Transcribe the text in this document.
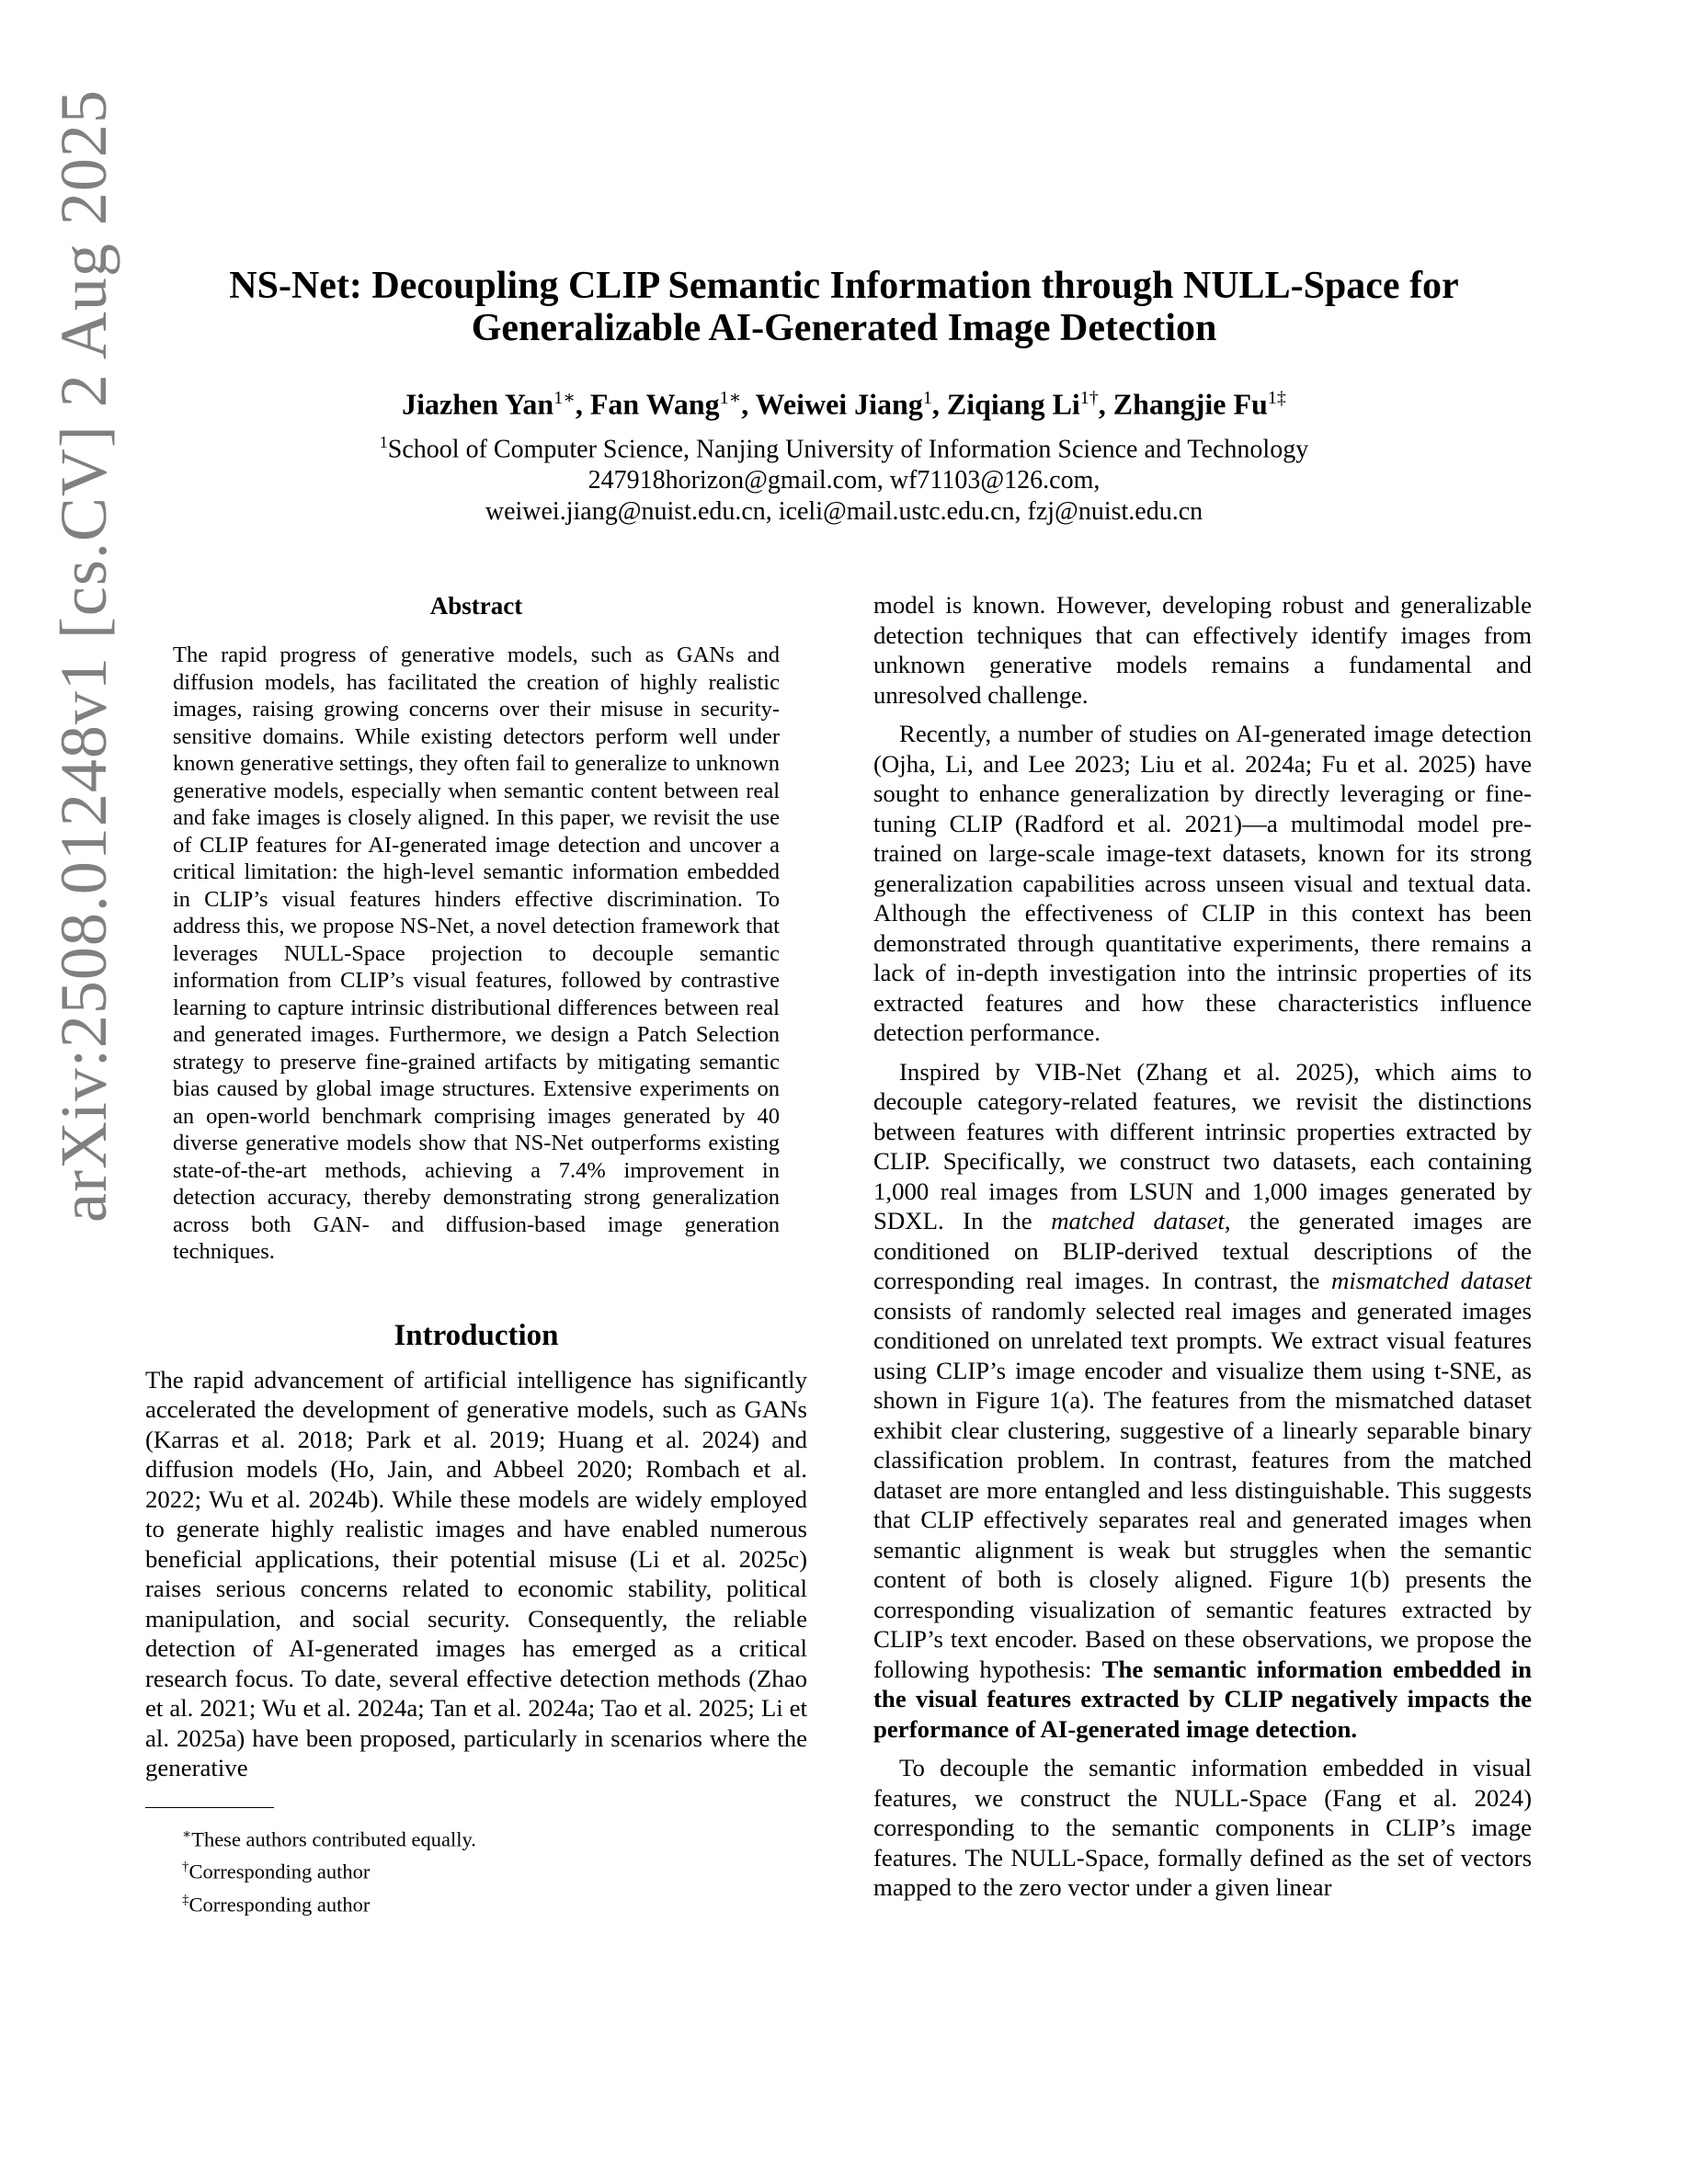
arXiv:2508.01248v1 [cs.CV] 2 Aug 2025	NS-Net: Decoupling CLIP Semantic Information through NULL-Space for
Generalizable AI-Generated Image Detection
Jiazhen Yan$^{1∗}$, Fan Wang$^{1∗}$, Weiwei Jiang$^1$, Ziqiang $Li^{1\dagger}$, Zhangjie $Fu^{1\ddagger}$
$^1$School of Computer Science, Nanjing University of Information Science and Technology
247918horizon@gmail.com, wf71103@126.com,
weiwei.jiang@nuist.edu.cn, iceli@mail.ustc.edu.cn, fzj@nuist.edu.cn
Abstract

The rapid progress of generative models, such as GANs and diffusion models, has facilitated the creation of highly realistic images, raising growing concerns over their misuse in security-sensitive domains. While existing detectors perform well under known generative settings, they often fail to generalize to unknown generative models, especially when semantic content between real and fake images is closely aligned. In this paper, we revisit the use of CLIP features for AI-generated image detection and uncover a critical limitation: the high-level semantic information embedded in CLIP’s visual features hinders effective discrimination. To address this, we propose NS-Net, a novel detection framework that leverages NULL-Space projection to decouple semantic information from CLIP’s visual features, followed by contrastive learning to capture intrinsic distributional differences between real and generated images. Furthermore, we design a Patch Selection strategy to preserve fine-grained artifacts by mitigating semantic bias caused by global image structures. Extensive experiments on an open-world benchmark comprising images generated by 40 diverse generative models show that NS-Net outperforms existing state-of-the-art methods, achieving a 7.4% improvement in detection accuracy, thereby demonstrating strong generalization across both GAN- and diffusion-based image generation techniques.

Introduction

The rapid advancement of artificial intelligence has significantly accelerated the development of generative models, such as GANs (Karras et al. 2018; Park et al. 2019; Huang et al. 2024) and diffusion models (Ho, Jain, and Abbeel 2020; Rombach et al. 2022; Wu et al. 2024b). While these models are widely employed to generate highly realistic images and have enabled numerous beneficial applications, their potential misuse (Li et al. 2025c) raises serious concerns related to economic stability, political manipulation, and social security. Consequently, the reliable detection of AI-generated images has emerged as a critical research focus. To date, several effective detection methods (Zhao et al. 2021; Wu et al. 2024a; Tan et al. 2024a; Tao et al. 2025; Li et al. 2025a) have been proposed, particularly in scenarios where the generative

∗These authors contributed equally.
†Corresponding author
‡Corresponding author

model is known. However, developing robust and generalizable detection techniques that can effectively identify images from unknown generative models remains a fundamental and unresolved challenge.

Recently, a number of studies on AI-generated image detection (Ojha, Li, and Lee 2023; Liu et al. 2024a; Fu et al. 2025) have sought to enhance generalization by directly leveraging or fine-tuning CLIP (Radford et al. 2021)—a multimodal model pre-trained on large-scale image-text datasets, known for its strong generalization capabilities across unseen visual and textual data. Although the effectiveness of CLIP in this context has been demonstrated through quantitative experiments, there remains a lack of in-depth investigation into the intrinsic properties of its extracted features and how these characteristics influence detection performance.

Inspired by VIB-Net (Zhang et al. 2025), which aims to decouple category-related features, we revisit the distinctions between features with different intrinsic properties extracted by CLIP. Specifically, we construct two datasets, each containing 1,000 real images from LSUN and 1,000 images generated by SDXL. In the matched dataset, the generated images are conditioned on BLIP-derived textual descriptions of the corresponding real images. In contrast, the mismatched dataset consists of randomly selected real images and generated images conditioned on unrelated text prompts. We extract visual features using CLIP’s image encoder and visualize them using t-SNE, as shown in Figure 1(a). The features from the mismatched dataset exhibit clear clustering, suggestive of a linearly separable binary classification problem. In contrast, features from the matched dataset are more entangled and less distinguishable. This suggests that CLIP effectively separates real and generated images when semantic alignment is weak but struggles when the semantic content of both is closely aligned. Figure 1(b) presents the corresponding visualization of semantic features extracted by CLIP’s text encoder. Based on these observations, we propose the following hypothesis: The semantic information embedded in the visual features extracted by CLIP negatively impacts the performance of AI-generated image detection.

To decouple the semantic information embedded in visual features, we construct the NULL-Space (Fang et al. 2024) corresponding to the semantic components in CLIP’s image features. The NULL-Space, formally defined as the set of vectors mapped to the zero vector under a given linear
